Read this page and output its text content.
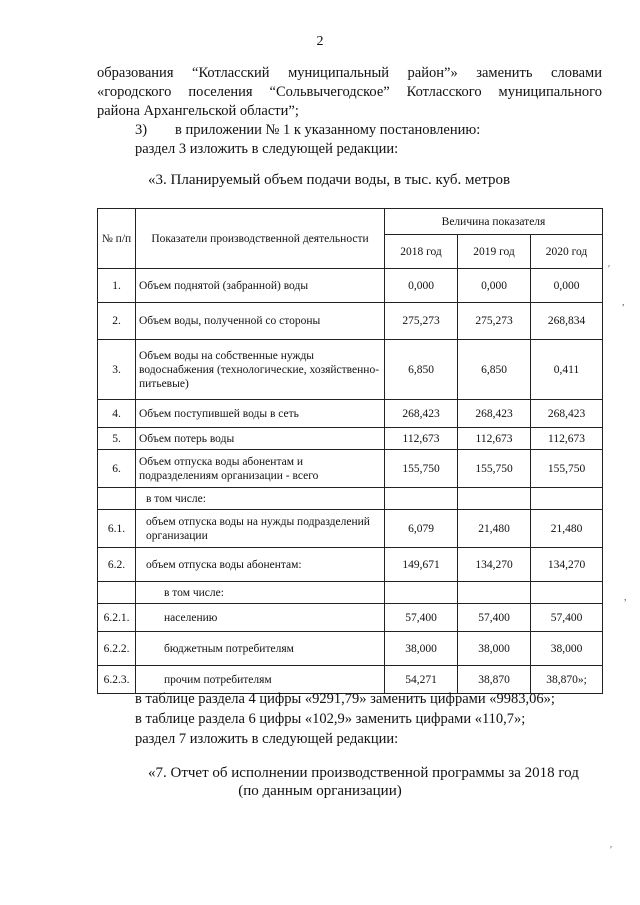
2
образования “Котласский муниципальный район”» заменить словами
«городского поселения “Сольвычегодское” Котласского муниципального
района Архангельской области”;
3) в приложении № 1 к указанному постановлению:
раздел 3 изложить в следующей редакции:
«3. Планируемый объем подачи воды, в тыс. куб. метров
№ п/п	Показатели производственной деятельности	Величина показателя		
		2018 год	2019 год	2020 год
1.	Объем поднятой (забранной) воды	0,000	0,000	0,000
2.	Объем воды, полученной со стороны	275,273	275,273	268,834
3.	Объем воды на собственные нужды водоснабжения (технологические, хозяйственно-питьевые)	6,850	6,850	0,411
4.	Объем поступившей воды в сеть	268,423	268,423	268,423
5.	Объем потерь воды	112,673	112,673	112,673
6.	Объем отпуска воды абонентам и подразделениям организации - всего	155,750	155,750	155,750
	в том числе:			
6.1.	объем отпуска воды на нужды подразделений организации	6,079	21,480	21,480
6.2.	объем отпуска воды абонентам:	149,671	134,270	134,270
	в том числе:			
6.2.1.	населению	57,400	57,400	57,400
6.2.2.	бюджетным потребителям	38,000	38,000	38,000
6.2.3.	прочим потребителям	54,271	38,870	38,870»;
в таблице раздела 4 цифры «9291,79» заменить цифрами «9983,06»;
в таблице раздела 6 цифры «102,9» заменить цифрами «110,7»;
раздел 7 изложить в следующей редакции:
«7. Отчет об исполнении производственной программы за 2018 год
(по данным организации)
ʹ
,
,
ʹ
